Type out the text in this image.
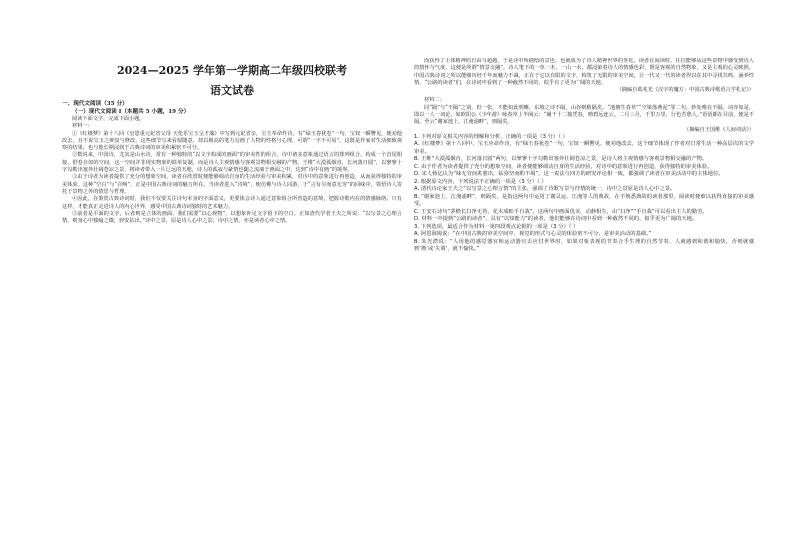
2024—2025 学年第一学期高二年级四校联考
语文试卷

一、现代文阅读（35 分）

（一）现代文阅读 I（本题共 5 小题，19 分）

阅读下面文字，完成下面小题。

材料一：

①《红楼梦》第十八回《皇恩重元妃省父母 天伦乐宝玉呈才藻》中写到元妃省亲，宝玉奉命作诗，有“绿玉春犹卷”一句，宝钗一瞬瞥见，便劝他改去，且不说宝玉之辩驳与修改，这些细节写来看似随意，却以极高的笔力勾画了人物的性格与心理，可谓“一字不可易”。这既是作家对生活细致观察的结果，也与他长期浸润于古典诗词的审美积累密不可分。

②数说来，中国诗，尤其是山水诗，常有一种独特的“以文字构成的画面”的审美性的组合。诗中诸多意象通过语言的排列组合，构成一个首尾相接、舒卷自如的空间，这一空间并非现实物象的简单复制，而是诗人主观情感与客观景物相交融的产物。王维“大漠孤烟直，长河落日圆”，以寥寥十字勾勒出塞外壮阔苍凉之景，将读者带入一片辽远的天地，诗人的孤寂与豪情也随之流淌于画面之中，达到“诗中有画”的境界。

③由于诗者为读者提供了充分的想象空间，读者在欣赏时便能够调动自身的生活经验与审美积累，对诗中的意象进行再创造，从而获得独特的审美体验。这种“空白”与“召唤”，正是中国古典诗词的魅力所在。当读者进入“诗境”，便仿佛与诗人同游，于“言有尽而意无穷”的回味中，领悟诗人寄托于景物之外的情思与哲理。

④因此，在鉴赏古典诗词时，我们不仅要关注诗句本身的字面意义，更要体会诗人通过意象组合所营造的意境，把握诗歌内在的情感脉络。只有这样，才能真正走进诗人的内心世界，感受中国古典诗词独特的艺术魅力。

⑤前者是平面的文字，后者则是立体的画面，我们需要“以心观物”，以想象补足文字留下的空白。正如清代学者王夫之所说：“以写景之心理言情，则身心中独喻之微，轻安拈出。”诗中之景，原是诗人心中之景；诗中之情，亦是读者心中之情。

而获得了主体精神的自由与超越，于是诗中所描绘的景色，也就成为了诗人精神世界的外化。读者在阅读时，往往能够从这些景物中感受到诗人的情怀与气度，这便是所谓“情景交融”。诗人笔下的一草一木、一山一水，都浸染着诗人的情感色彩，既是客观的自然物象，又是主观的心灵映照。中国古典诗词之所以能够历经千年而魅力不减，正在于它以有限的文字，构筑了无限的审美空间，让一代又一代的读者得以在其中寻找共鸣、涵养性情。“公路的读者”们，在诗词中看到了一种截然不同的、似乎有了更为广阔的天地。

（摘编自葛兆光《汉字的魔方：中国古典诗歌语言学札记》）

材料二：

同“隔”与“不隔”之别。但一张，不能如此明晰，东坡之诗不隔，山谷则稍隔矣。“池塘生春草”“空梁落燕泥”等二句，妙处唯在不隔。词亦如是。即以一人一词论，如欧阳公《少年游》咏春草上半阕云：“阑干十二独凭春，晴碧远连云。二月三月，千里万里，行色苦愁人。”语语都在目前，便是不隔。至云“谢家池上，江淹浦畔”，则隔矣。

（摘编自王国维《人间词话》）

1. 下列对原文相关内容的理解和分析，正确的一项是（3 分）（ ）

A.《红楼梦》第十八回中，宝玉应命作诗，有“绿玉春犹卷”一句，宝钗一瞬瞥见，便劝他改去，这个细节体现了作者对日常生活一种高层次的文学审美。

B. 王维“大漠孤烟直，长河落日圆”两句，以寥寥十字勾勒出塞外壮阔苍凉之景，是诗人将主观情感与客观景物相交融的产物。

C. 由于作者为读者提供了充分的想象空间，读者便能够调动自身的生活经验，对诗中的意象进行再创造，获得独特的审美体验。

D. 宋人杨亿认为“味无穷而炙愈出，钻弥坚而酌不竭”，这一说法与四方的研究评论相一致，都强调了读者在审美活动中的主体地位。

2. 根据原文内容，下列说法不正确的一项是（3 分）（ ）

A. 清代诗论家王夫之“以写景之心理言情”的主张，强调了诗歌写景与抒情的统一，诗中之景原是诗人心中之景。

B. “谢家池上，江淹浦畔”，则隔矣，是指这两句中运用了谢灵运、江淹等人的典故，在不熟悉典故的读者那里，阅读时便难以获得直接的审美感受。

C. 王安石诗句“茅檐长扫净无苔，花木成畦手自栽”，这两句中画面优美，动静相生，由“扫净”“手自栽”可以看出主人的勤劳。

D. 材料一中提到“公路的读者”，具有“以知能力”的读者，他们能够在诗词中看到一种截然不同的、似乎更为广阔的天地。

3. 下列选项，最适合作为材料一第四段观点论据的一项是（3 分）（ ）

A. 阿恩海姆说：“在中国古典的审美空间中，视觉的形式与心灵的体验密不可分，是审美活动的基础。”

B. 朱光潜说：“人用他的感觉器官和运动器官去应付世界时，如果对象表现的节奏合乎生理的自然节奏，人就感到和谐和愉快，否则就感到‘拗’或‘失调’，就不愉快。”
